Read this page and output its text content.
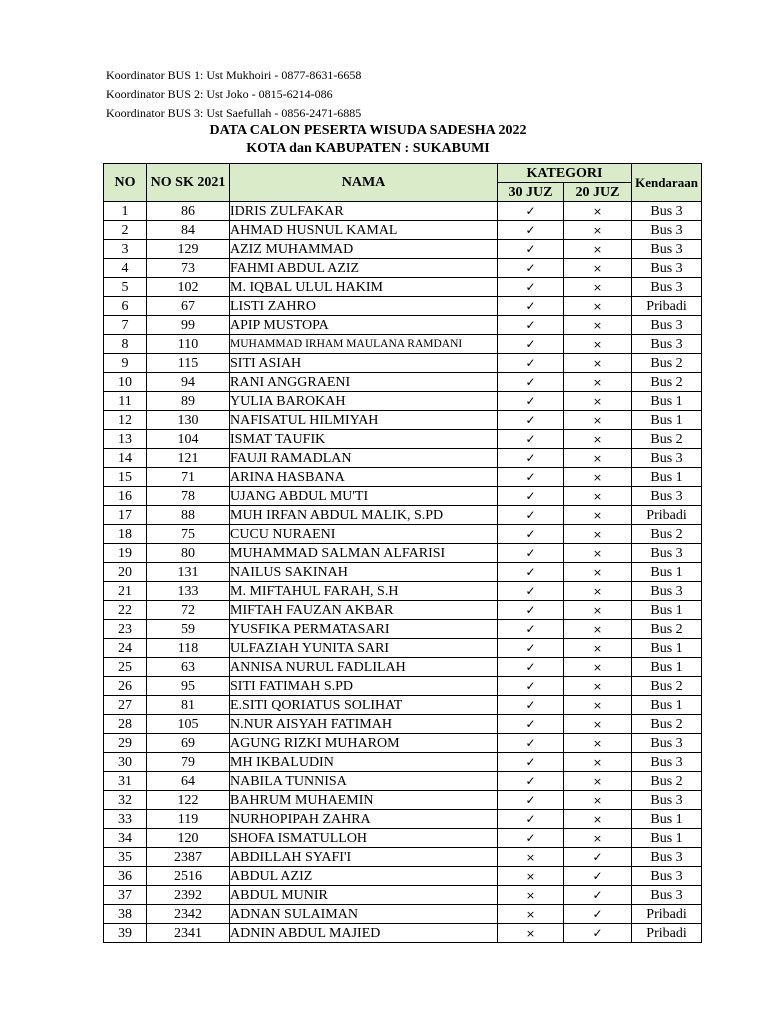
Koordinator BUS 1: Ust Mukhoiri - 0877-8631-6658
Koordinator BUS 2: Ust Joko - 0815-6214-086
Koordinator BUS 3: Ust Saefullah - 0856-2471-6885
DATA CALON PESERTA WISUDA SADESHA 2022
KOTA dan KABUPATEN : SUKABUMI
NO	NO SK 2021	NAMA	KATEGORI		Kendaraan
			30 JUZ	20 JUZ	
1	86	IDRIS ZULFAKAR	✓	×	Bus 3
2	84	AHMAD HUSNUL KAMAL	✓	×	Bus 3
3	129	AZIZ MUHAMMAD	✓	×	Bus 3
4	73	FAHMI ABDUL AZIZ	✓	×	Bus 3
5	102	M. IQBAL ULUL HAKIM	✓	×	Bus 3
6	67	LISTI ZAHRO	✓	×	Pribadi
7	99	APIP MUSTOPA	✓	×	Bus 3
8	110	MUHAMMAD IRHAM MAULANA RAMDANI	✓	×	Bus 3
9	115	SITI ASIAH	✓	×	Bus 2
10	94	RANI ANGGRAENI	✓	×	Bus 2
11	89	YULIA BAROKAH	✓	×	Bus 1
12	130	NAFISATUL HILMIYAH	✓	×	Bus 1
13	104	ISMAT TAUFIK	✓	×	Bus 2
14	121	FAUJI RAMADLAN	✓	×	Bus 3
15	71	ARINA HASBANA	✓	×	Bus 1
16	78	UJANG ABDUL MU'TI	✓	×	Bus 3
17	88	MUH IRFAN ABDUL MALIK, S.PD	✓	×	Pribadi
18	75	CUCU NURAENI	✓	×	Bus 2
19	80	MUHAMMAD SALMAN ALFARISI	✓	×	Bus 3
20	131	NAILUS SAKINAH	✓	×	Bus 1
21	133	M. MIFTAHUL FARAH, S.H	✓	×	Bus 3
22	72	MIFTAH FAUZAN AKBAR	✓	×	Bus 1
23	59	YUSFIKA PERMATASARI	✓	×	Bus 2
24	118	ULFAZIAH YUNITA SARI	✓	×	Bus 1
25	63	ANNISA NURUL FADLILAH	✓	×	Bus 1
26	95	SITI FATIMAH S.PD	✓	×	Bus 2
27	81	E.SITI QORIATUS SOLIHAT	✓	×	Bus 1
28	105	N.NUR AISYAH FATIMAH	✓	×	Bus 2
29	69	AGUNG RIZKI MUHAROM	✓	×	Bus 3
30	79	MH IKBALUDIN	✓	×	Bus 3
31	64	NABILA TUNNISA	✓	×	Bus 2
32	122	BAHRUM MUHAEMIN	✓	×	Bus 3
33	119	NURHOPIPAH ZAHRA	✓	×	Bus 1
34	120	SHOFA ISMATULLOH	✓	×	Bus 1
35	2387	ABDILLAH SYAFI'I	×	✓	Bus 3
36	2516	ABDUL AZIZ	×	✓	Bus 3
37	2392	ABDUL MUNIR	×	✓	Bus 3
38	2342	ADNAN SULAIMAN	×	✓	Pribadi
39	2341	ADNIN ABDUL MAJIED	×	✓	Pribadi
